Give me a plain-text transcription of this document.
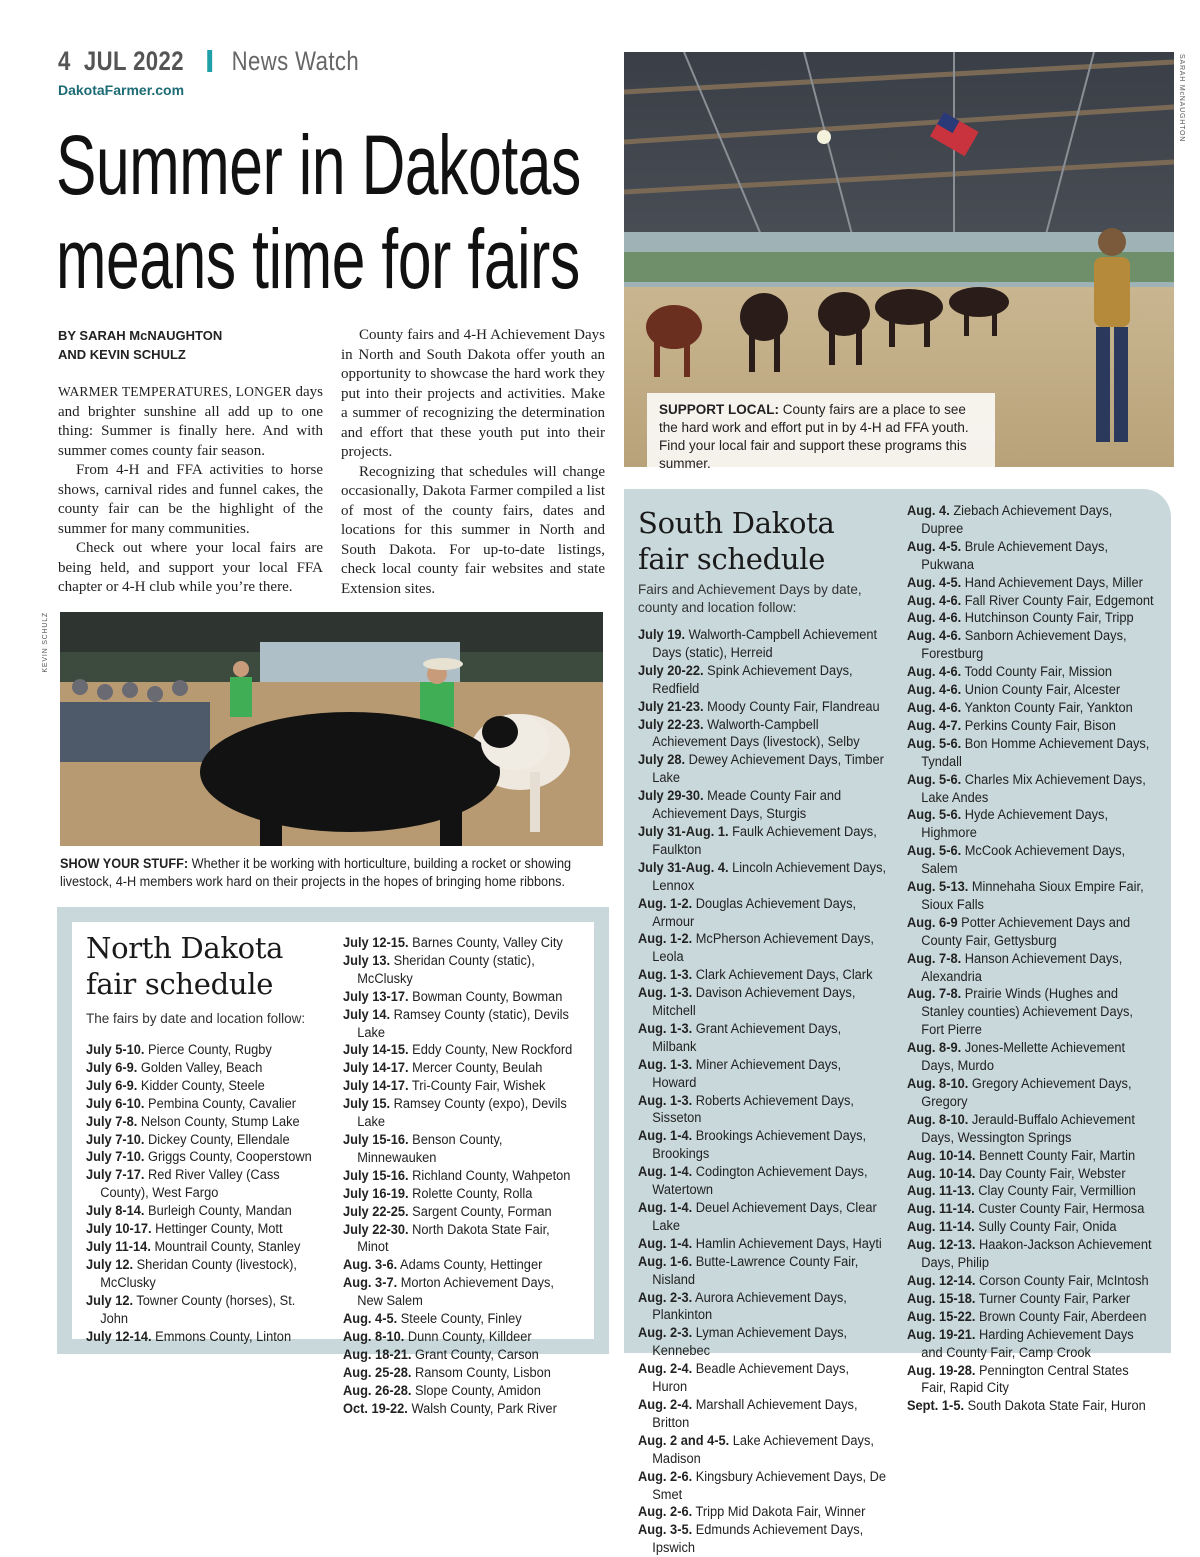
4 JUL 2022 News Watch
DakotaFarmer.com
Summer in Dakotas
means time for fairs
BY SARAH McNAUGHTON
AND KEVIN SCHULZ

WARMER TEMPERATURES, LONGER days and brighter sunshine all add up to one thing: Summer is finally here. And with summer comes county fair season.

From 4-H and FFA activities to horse shows, carnival rides and funnel cakes, the county fair can be the highlight of the summer for many communities.

Check out where your local fairs are being held, and support your local FFA chapter or 4-H club while you’re there.

County fairs and 4-H Achievement Days in North and South Dakota offer youth an opportunity to showcase the hard work they put into their projects and activities. Make a summer of recognizing the determination and effort that these youth put into their projects.

Recognizing that schedules will change occasionally, Dakota Farmer compiled a list of most of the county fairs, dates and locations for this summer in North and South Dakota. For up-to-date listings, check local county fair websites and state Extension sites.

SARAH McNAUGHTON
SUPPORT LOCAL: County fairs are a place to see the hard work and effort put in by 4-H ad FFA youth. Find your local fair and support these programs this summer.
South Dakota
fair schedule
Fairs and Achievement Days by date, county and location follow:
July 19. Walworth-Campbell Achievement Days (static), Herreid
July 20-22. Spink Achievement Days, Redfield
July 21-23. Moody County Fair, Flandreau
July 22-23. Walworth-Campbell Achievement Days (livestock), Selby
July 28. Dewey Achievement Days, Timber Lake
July 29-30. Meade County Fair and Achievement Days, Sturgis
July 31-Aug. 1. Faulk Achievement Days, Faulkton
July 31-Aug. 4. Lincoln Achievement Days, Lennox
Aug. 1-2. Douglas Achievement Days, Armour
Aug. 1-2. McPherson Achievement Days, Leola
Aug. 1-3. Clark Achievement Days, Clark
Aug. 1-3. Davison Achievement Days, Mitchell
Aug. 1-3. Grant Achievement Days, Milbank
Aug. 1-3. Miner Achievement Days, Howard
Aug. 1-3. Roberts Achievement Days, Sisseton
Aug. 1-4. Brookings Achievement Days, Brookings
Aug. 1-4. Codington Achievement Days, Watertown
Aug. 1-4. Deuel Achievement Days, Clear Lake
Aug. 1-4. Hamlin Achievement Days, Hayti
Aug. 1-6. Butte-Lawrence County Fair, Nisland
Aug. 2-3. Aurora Achievement Days, Plankinton
Aug. 2-3. Lyman Achievement Days, Kennebec
Aug. 2-4. Beadle Achievement Days, Huron
Aug. 2-4. Marshall Achievement Days, Britton
Aug. 2 and 4-5. Lake Achievement Days, Madison
Aug. 2-6. Kingsbury Achievement Days, De Smet
Aug. 2-6. Tripp Mid Dakota Fair, Winner
Aug. 3-5. Edmunds Achievement Days, Ipswich
Aug. 4. Ziebach Achievement Days, Dupree
Aug. 4-5. Brule Achievement Days, Pukwana
Aug. 4-5. Hand Achievement Days, Miller
Aug. 4-6. Fall River County Fair, Edgemont
Aug. 4-6. Hutchinson County Fair, Tripp
Aug. 4-6. Sanborn Achievement Days, Forestburg
Aug. 4-6. Todd County Fair, Mission
Aug. 4-6. Union County Fair, Alcester
Aug. 4-6. Yankton County Fair, Yankton
Aug. 4-7. Perkins County Fair, Bison
Aug. 5-6. Bon Homme Achievement Days, Tyndall
Aug. 5-6. Charles Mix Achievement Days, Lake Andes
Aug. 5-6. Hyde Achievement Days, Highmore
Aug. 5-6. McCook Achievement Days, Salem
Aug. 5-13. Minnehaha Sioux Empire Fair, Sioux Falls
Aug. 6-9 Potter Achievement Days and County Fair, Gettysburg
Aug. 7-8. Hanson Achievement Days, Alexandria
Aug. 7-8. Prairie Winds (Hughes and Stanley counties) Achievement Days, Fort Pierre
Aug. 8-9. Jones-Mellette Achievement Days, Murdo
Aug. 8-10. Gregory Achievement Days, Gregory
Aug. 8-10. Jerauld-Buffalo Achievement Days, Wessington Springs
Aug. 10-14. Bennett County Fair, Martin
Aug. 10-14. Day County Fair, Webster
Aug. 11-13. Clay County Fair, Vermillion
Aug. 11-14. Custer County Fair, Hermosa
Aug. 11-14. Sully County Fair, Onida
Aug. 12-13. Haakon-Jackson Achievement Days, Philip
Aug. 12-14. Corson County Fair, McIntosh
Aug. 15-18. Turner County Fair, Parker
Aug. 15-22. Brown County Fair, Aberdeen
Aug. 19-21. Harding Achievement Days and County Fair, Camp Crook
Aug. 19-28. Pennington Central States Fair, Rapid City
Sept. 1-5. South Dakota State Fair, Huron
KEVIN SCHULZ
SHOW YOUR STUFF: Whether it be working with horticulture, building a rocket or showing livestock, 4-H members work hard on their projects in the hopes of bringing home ribbons.
North Dakota
fair schedule
The fairs by date and location follow:
July 5-10. Pierce County, Rugby
July 6-9. Golden Valley, Beach
July 6-9. Kidder County, Steele
July 6-10. Pembina County, Cavalier
July 7-8. Nelson County, Stump Lake
July 7-10. Dickey County, Ellendale
July 7-10. Griggs County, Cooperstown
July 7-17. Red River Valley (Cass County), West Fargo
July 8-14. Burleigh County, Mandan
July 10-17. Hettinger County, Mott
July 11-14. Mountrail County, Stanley
July 12. Sheridan County (livestock), McClusky
July 12. Towner County (horses), St. John
July 12-14. Emmons County, Linton
July 12-15. Barnes County, Valley City
July 13. Sheridan County (static), McClusky
July 13-17. Bowman County, Bowman
July 14. Ramsey County (static), Devils Lake
July 14-15. Eddy County, New Rockford
July 14-17. Mercer County, Beulah
July 14-17. Tri-County Fair, Wishek
July 15. Ramsey County (expo), Devils Lake
July 15-16. Benson County, Minnewauken
July 15-16. Richland County, Wahpeton
July 16-19. Rolette County, Rolla
July 22-25. Sargent County, Forman
July 22-30. North Dakota State Fair, Minot
Aug. 3-6. Adams County, Hettinger
Aug. 3-7. Morton Achievement Days, New Salem
Aug. 4-5. Steele County, Finley
Aug. 8-10. Dunn County, Killdeer
Aug. 18-21. Grant County, Carson
Aug. 25-28. Ransom County, Lisbon
Aug. 26-28. Slope County, Amidon
Oct. 19-22. Walsh County, Park River
